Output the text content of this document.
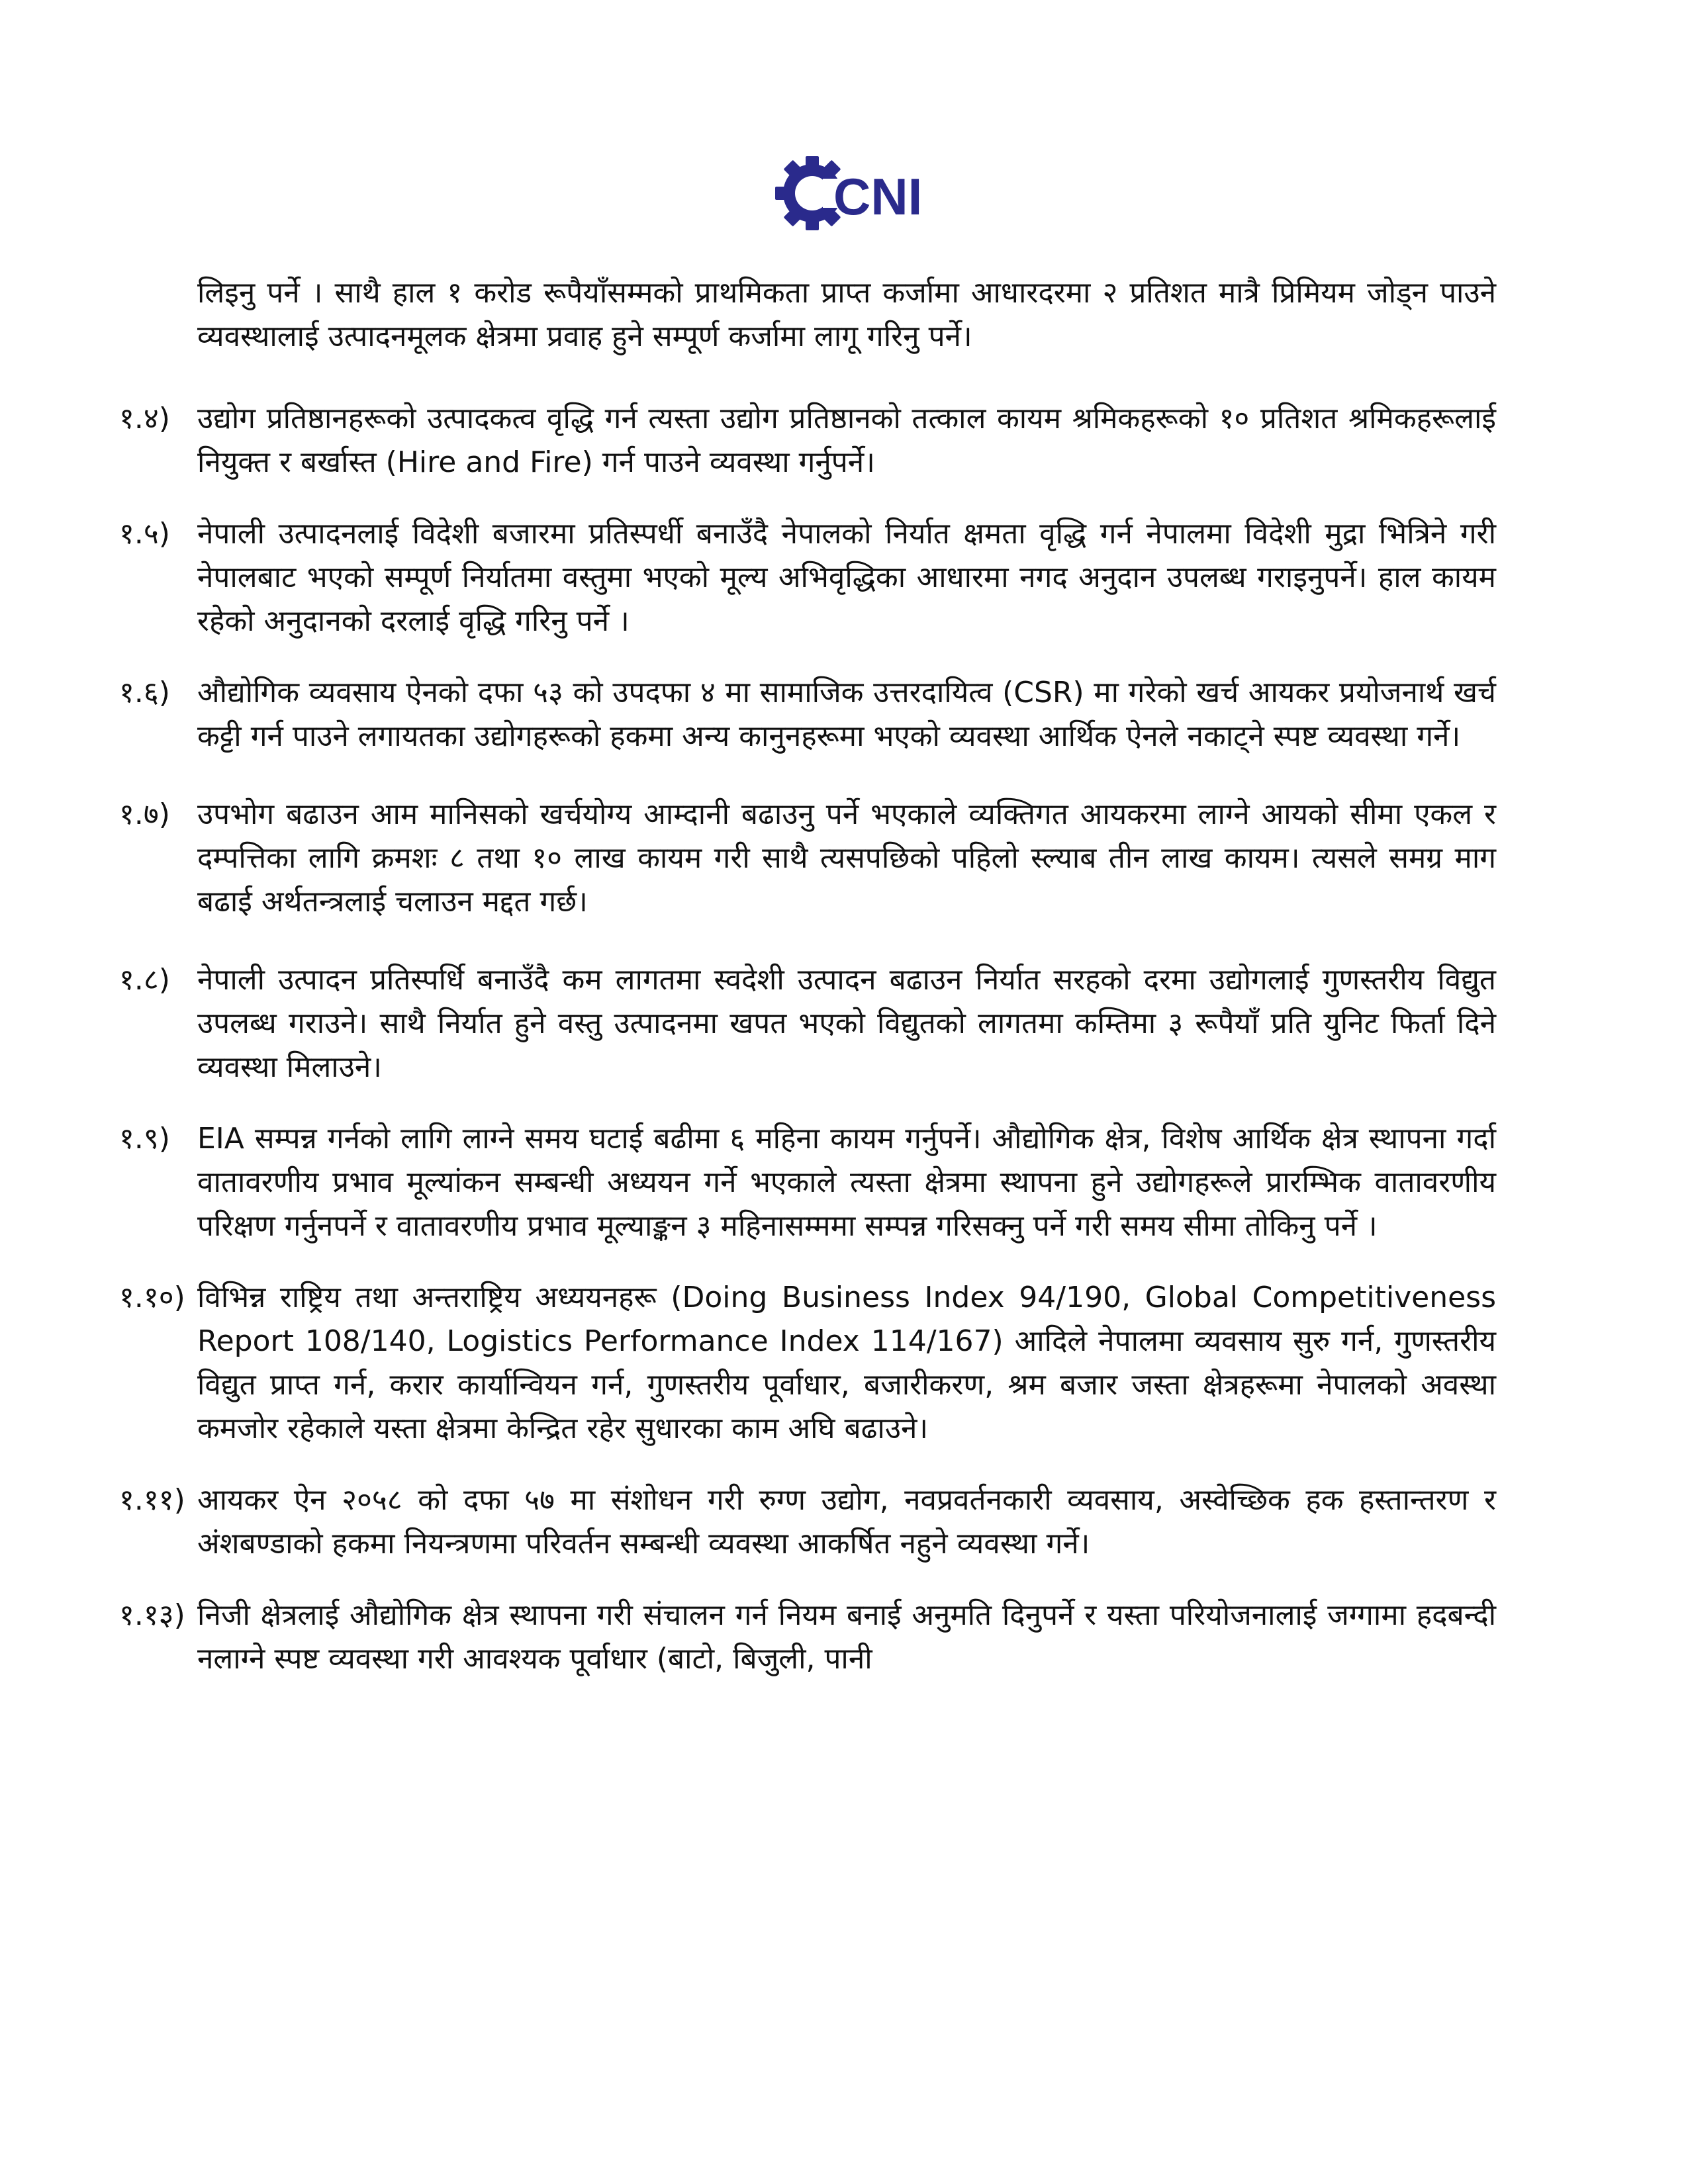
CNI

लिइनु पर्ने । साथै हाल १ करोड रूपैयाँसम्मको प्राथमिकता प्राप्त कर्जामा आधारदरमा २ प्रतिशत मात्रै प्रिमियम जोड्न पाउने व्यवस्थालाई उत्पादनमूलक क्षेत्रमा प्रवाह हुने सम्पूर्ण कर्जामा लागू गरिनु पर्ने।

१.४) उद्योग प्रतिष्ठानहरूको उत्पादकत्व वृद्धि गर्न त्यस्ता उद्योग प्रतिष्ठानको तत्काल कायम श्रमिकहरूको १० प्रतिशत श्रमिकहरूलाई नियुक्त र बर्खास्त (Hire and Fire) गर्न पाउने व्यवस्था गर्नुपर्ने।
१.५) नेपाली उत्पादनलाई विदेशी बजारमा प्रतिस्पर्धी बनाउँदै नेपालको निर्यात क्षमता वृद्धि गर्न नेपालमा विदेशी मुद्रा भित्रिने गरी नेपालबाट भएको सम्पूर्ण निर्यातमा वस्तुमा भएको मूल्य अभिवृद्धिका आधारमा नगद अनुदान उपलब्ध गराइनुपर्ने। हाल कायम रहेको अनुदानको दरलाई वृद्धि गरिनु पर्ने ।
१.६) औद्योगिक व्यवसाय ऐनको दफा ५३ को उपदफा ४ मा सामाजिक उत्तरदायित्व (CSR) मा गरेको खर्च आयकर प्रयोजनार्थ खर्च कट्टी गर्न पाउने लगायतका उद्योगहरूको हकमा अन्य कानुनहरूमा भएको व्यवस्था आर्थिक ऐनले नकाट्ने स्पष्ट व्यवस्था गर्ने।
१.७) उपभोग बढाउन आम मानिसको खर्चयोग्य आम्दानी बढाउनु पर्ने भएकाले व्यक्तिगत आयकरमा लाग्ने आयको सीमा एकल र दम्पत्तिका लागि क्रमशः ८ तथा १० लाख कायम गरी साथै त्यसपछिको पहिलो स्ल्याब तीन लाख कायम। त्यसले समग्र माग बढाई अर्थतन्त्रलाई चलाउन मद्दत गर्छ।
१.८) नेपाली उत्पादन प्रतिस्पर्धि बनाउँदै कम लागतमा स्वदेशी उत्पादन बढाउन निर्यात सरहको दरमा उद्योगलाई गुणस्तरीय विद्युत उपलब्ध गराउने। साथै निर्यात हुने वस्तु उत्पादनमा खपत भएको विद्युतको लागतमा कम्तिमा ३ रूपैयाँ प्रति युनिट फिर्ता दिने व्यवस्था मिलाउने।
१.९) EIA सम्पन्न गर्नको लागि लाग्ने समय घटाई बढीमा ६ महिना कायम गर्नुपर्ने। औद्योगिक क्षेत्र, विशेष आर्थिक क्षेत्र स्थापना गर्दा वातावरणीय प्रभाव मूल्यांकन सम्बन्धी अध्ययन गर्ने भएकाले त्यस्ता क्षेत्रमा स्थापना हुने उद्योगहरूले प्रारम्भिक वातावरणीय परिक्षण गर्नुनपर्ने र वातावरणीय प्रभाव मूल्याङ्कन ३ महिनासम्ममा सम्पन्न गरिसक्नु पर्ने गरी समय सीमा तोकिनु पर्ने ।
१.१०) विभिन्न राष्ट्रिय तथा अन्तराष्ट्रिय अध्ययनहरू (Doing Business Index 94/190, Global Competitiveness Report 108/140, Logistics Performance Index 114/167) आदिले नेपालमा व्यवसाय सुरु गर्न, गुणस्तरीय विद्युत प्राप्त गर्न, करार कार्यान्वियन गर्न, गुणस्तरीय पूर्वाधार, बजारीकरण, श्रम बजार जस्ता क्षेत्रहरूमा नेपालको अवस्था कमजोर रहेकाले यस्ता क्षेत्रमा केन्द्रित रहेर सुधारका काम अघि बढाउने।
१.११) आयकर ऐन २०५८ को दफा ५७ मा संशोधन गरी रुग्ण उद्योग, नवप्रवर्तनकारी व्यवसाय, अस्वेच्छिक हक हस्तान्तरण र अंशबण्डाको हकमा नियन्त्रणमा परिवर्तन सम्बन्धी व्यवस्था आकर्षित नहुने व्यवस्था गर्ने।
१.१३) निजी क्षेत्रलाई औद्योगिक क्षेत्र स्थापना गरी संचालन गर्न नियम बनाई अनुमति दिनुपर्ने र यस्ता परियोजनालाई जग्गामा हदबन्दी नलाग्ने स्पष्ट व्यवस्था गरी आवश्यक पूर्वाधार (बाटो, बिजुली, पानी
